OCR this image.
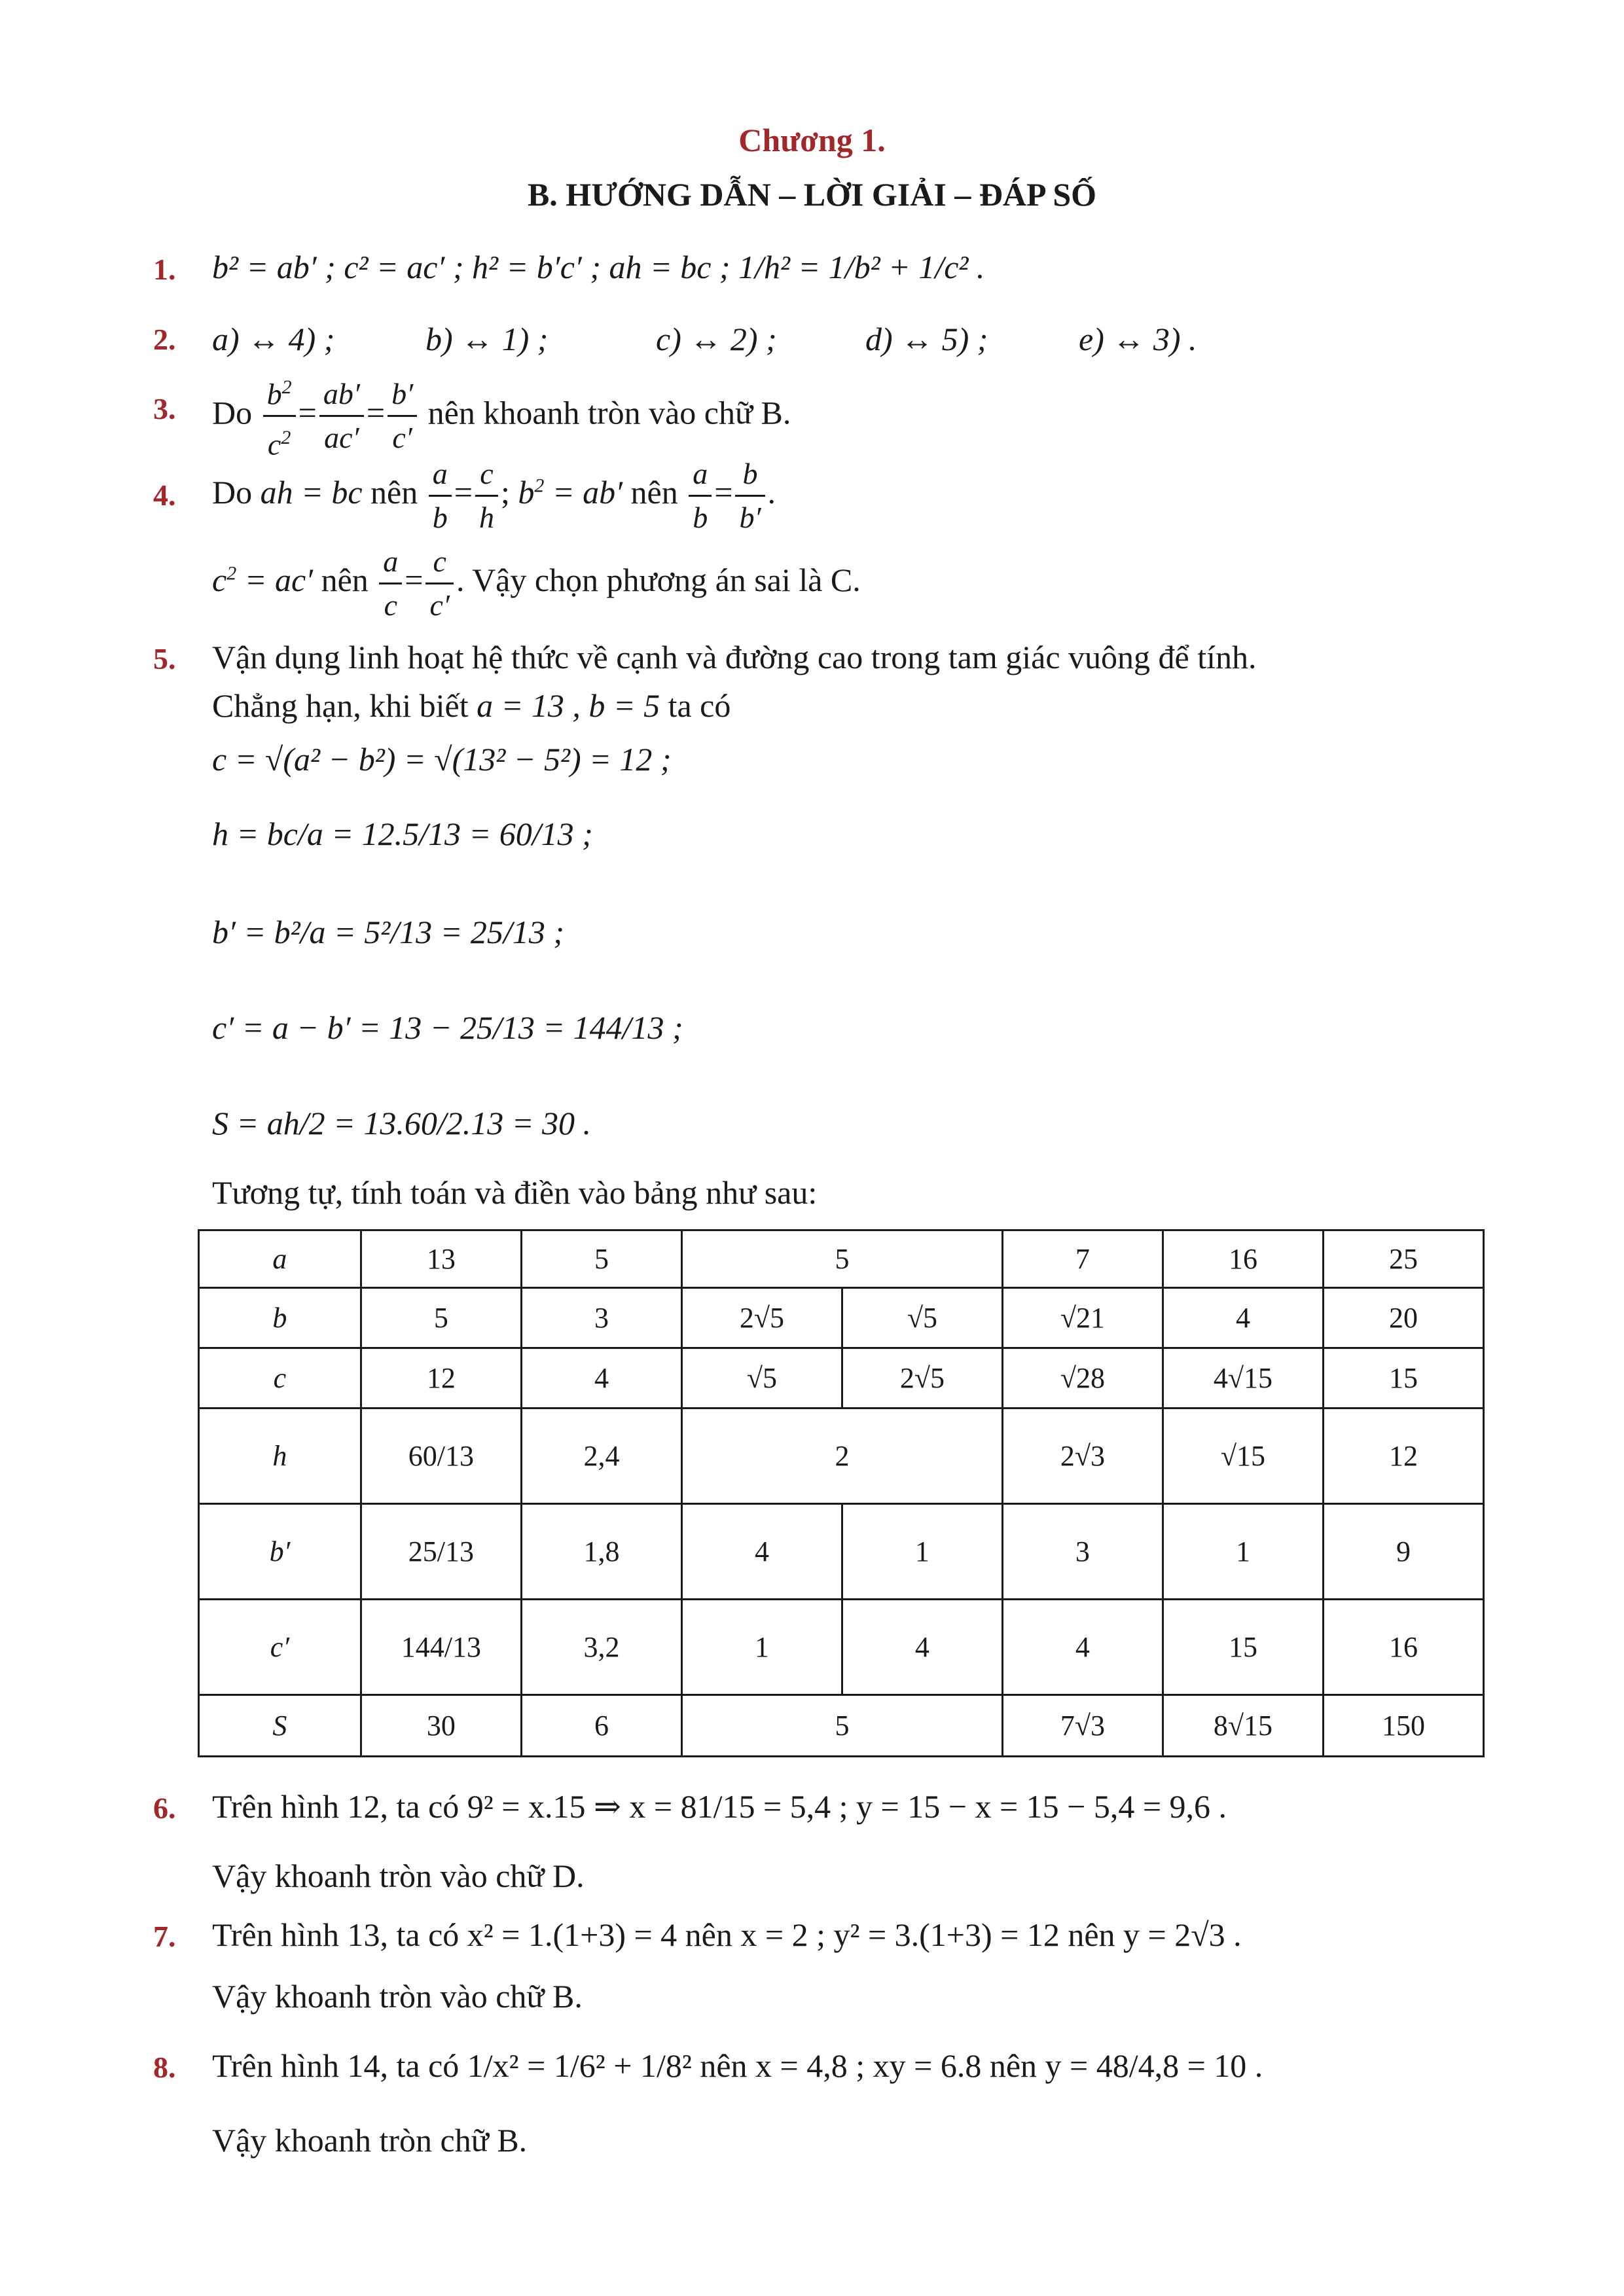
Chương 1.
B. HƯỚNG DẪN – LỜI GIẢI – ĐÁP SỐ
1. b² = ab′ ; c² = ac′ ; h² = b′c′ ; ah = bc ; 1/h² = 1/b² + 1/c² .
2. a) ↔ 4) ;	b) ↔ 1) ;	c) ↔ 2) ;	d) ↔ 5) ;	e) ↔ 3) .
3. Do $\frac{b^2}{c^2} = \frac{ab'}{ac'} = \frac{b'}{c'}$ nên khoanh tròn vào chữ B.
4. Do ah = bc nên $\frac{a}{b} = \frac{c}{h}$ ; $b^2 = ab'$ nên $\frac{a}{b} = \frac{b}{b'}$ .
$c^2 = ac'$ nên $\frac{a}{c} = \frac{c}{c'}$ . Vậy chọn phương án sai là C.
5. Vận dụng linh hoạt hệ thức về cạnh và đường cao trong tam giác vuông để tính.
Chẳng hạn, khi biết a = 13 , b = 5 ta có
c = √(a² − b²) = √(13² − 5²) = 12 ;
h = bc/a = 12.5/13 = 60/13 ;
b′ = b²/a = 5²/13 = 25/13 ;
c′ = a − b′ = 13 − 25/13 = 144/13 ;
S = ah/2 = 13.60/2.13 = 30 .
Tương tự, tính toán và điền vào bảng như sau:
a	13	5	5		7	16	25
b	5	3	2√5	√5	√21	4	20
c	12	4	√5	2√5	√28	4√15	15
h	60/13	2,4	2		2√3	√15	12
b′	25/13	1,8	4	1	3	1	9
c′	144/13	3,2	1	4	4	15	16
S	30	6	5		7√3	8√15	150
6. Trên hình 12, ta có 9² = x.15 ⇒ x = 81/15 = 5,4 ; y = 15 − x = 15 − 5,4 = 9,6 .
Vậy khoanh tròn vào chữ D.
7. Trên hình 13, ta có x² = 1.(1+3) = 4 nên x = 2 ; y² = 3.(1+3) = 12 nên y = 2√3 .
Vậy khoanh tròn vào chữ B.
8. Trên hình 14, ta có 1/x² = 1/6² + 1/8² nên x = 4,8 ; xy = 6.8 nên y = 48/4,8 = 10 .
Vậy khoanh tròn chữ B.
